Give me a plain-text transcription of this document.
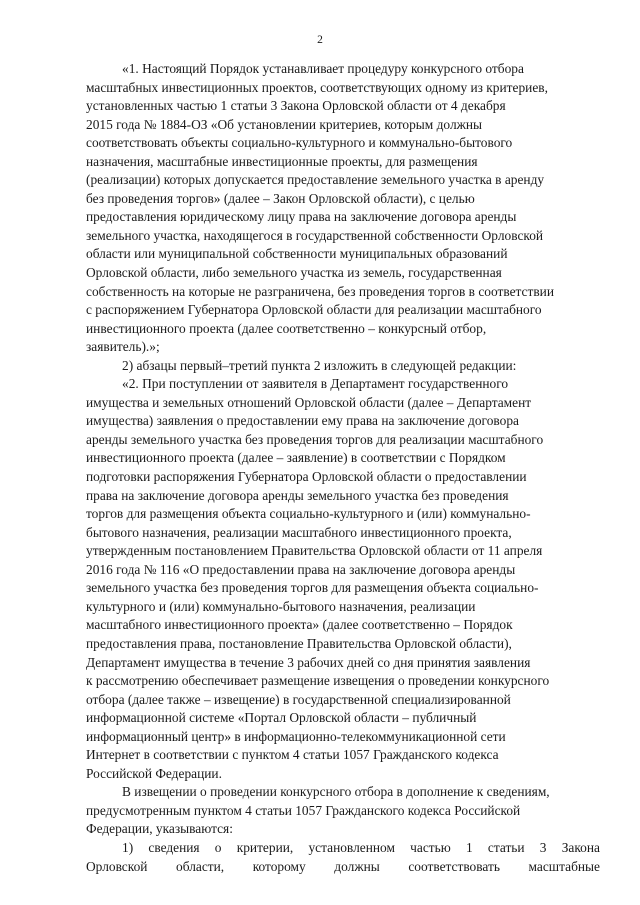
2

«1. Настоящий Порядок устанавливает процедуру конкурсного отбора
масштабных инвестиционных проектов, соответствующих одному из критериев,
установленных частью 1 статьи 3 Закона Орловской области от 4 декабря
2015 года № 1884-ОЗ «Об установлении критериев, которым должны
соответствовать объекты социально-культурного и коммунально-бытового
назначения, масштабные инвестиционные проекты, для размещения
(реализации) которых допускается предоставление земельного участка в аренду
без проведения торгов» (далее – Закон Орловской области), с целью
предоставления юридическому лицу права на заключение договора аренды
земельного участка, находящегося в государственной собственности Орловской
области или муниципальной собственности муниципальных образований
Орловской области, либо земельного участка из земель, государственная
собственность на которые не разграничена, без проведения торгов в соответствии
с распоряжением Губернатора Орловской области для реализации масштабного
инвестиционного проекта (далее соответственно – конкурсный отбор,
заявитель).»;

2) абзацы первый–третий пункта 2 изложить в следующей редакции:

«2. При поступлении от заявителя в Департамент государственного
имущества и земельных отношений Орловской области (далее – Департамент
имущества) заявления о предоставлении ему права на заключение договора
аренды земельного участка без проведения торгов для реализации масштабного
инвестиционного проекта (далее – заявление) в соответствии с Порядком
подготовки распоряжения Губернатора Орловской области о предоставлении
права на заключение договора аренды земельного участка без проведения
торгов для размещения объекта социально-культурного и (или) коммунально-
бытового назначения, реализации масштабного инвестиционного проекта,
утвержденным постановлением Правительства Орловской области от 11 апреля
2016 года № 116 «О предоставлении права на заключение договора аренды
земельного участка без проведения торгов для размещения объекта социально-
культурного и (или) коммунально-бытового назначения, реализации
масштабного инвестиционного проекта» (далее соответственно – Порядок
предоставления права, постановление Правительства Орловской области),
Департамент имущества в течение 3 рабочих дней со дня принятия заявления
к рассмотрению обеспечивает размещение извещения о проведении конкурсного
отбора (далее также – извещение) в государственной специализированной
информационной системе «Портал Орловской области – публичный
информационный центр» в информационно-телекоммуникационной сети
Интернет в соответствии с пунктом 4 статьи 1057 Гражданского кодекса
Российской Федерации.

В извещении о проведении конкурсного отбора в дополнение к сведениям,
предусмотренным пунктом 4 статьи 1057 Гражданского кодекса Российской
Федерации, указываются:

1) сведения о критерии, установленном частью 1 статьи 3 Закона
Орловской области, которому должны соответствовать масштабные
